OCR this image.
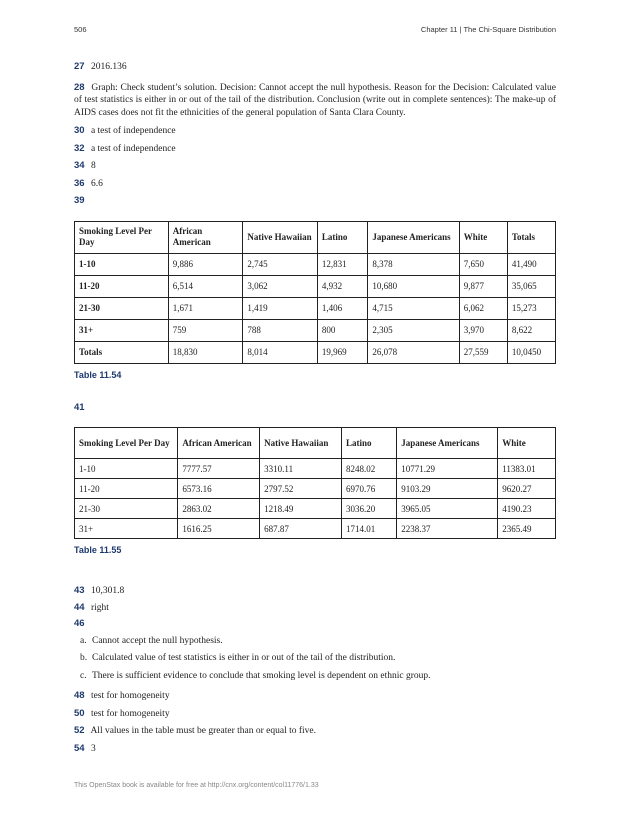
506	Chapter 11 | The Chi-Square Distribution

27 2016.136

28 Graph: Check student’s solution. Decision: Cannot accept the null hypothesis. Reason for the Decision: Calculated value of test statistics is either in or out of the tail of the distribution. Conclusion (write out in complete sentences): The make-up of AIDS cases does not fit the ethnicities of the general population of Santa Clara County.

30 a test of independence

32 a test of independence

34 8

36 6.6

39

Smoking Level Per Day	African American	Native Hawaiian	Latino	Japanese Americans	White	Totals
1-10	9,886	2,745	12,831	8,378	7,650	41,490
11-20	6,514	3,062	4,932	10,680	9,877	35,065
21-30	1,671	1,419	1,406	4,715	6,062	15,273
31+	759	788	800	2,305	3,970	8,622
Totals	18,830	8,014	19,969	26,078	27,559	10,0450
Table 11.54

41

Smoking Level Per Day	African American	Native Hawaiian	Latino	Japanese Americans	White
1-10	7777.57	3310.11	8248.02	10771.29	11383.01
11-20	6573.16	2797.52	6970.76	9103.29	9620.27
21-30	2863.02	1218.49	3036.20	3965.05	4190.23
31+	1616.25	687.87	1714.01	2238.37	2365.49
Table 11.55

43 10,301.8

44 right

46

a. Cannot accept the null hypothesis.
b. Calculated value of test statistics is either in or out of the tail of the distribution.
c. There is sufficient evidence to conclude that smoking level is dependent on ethnic group.

48 test for homogeneity

50 test for homogeneity

52 All values in the table must be greater than or equal to five.

54 3

This OpenStax book is available for free at http://cnx.org/content/col11776/1.33
